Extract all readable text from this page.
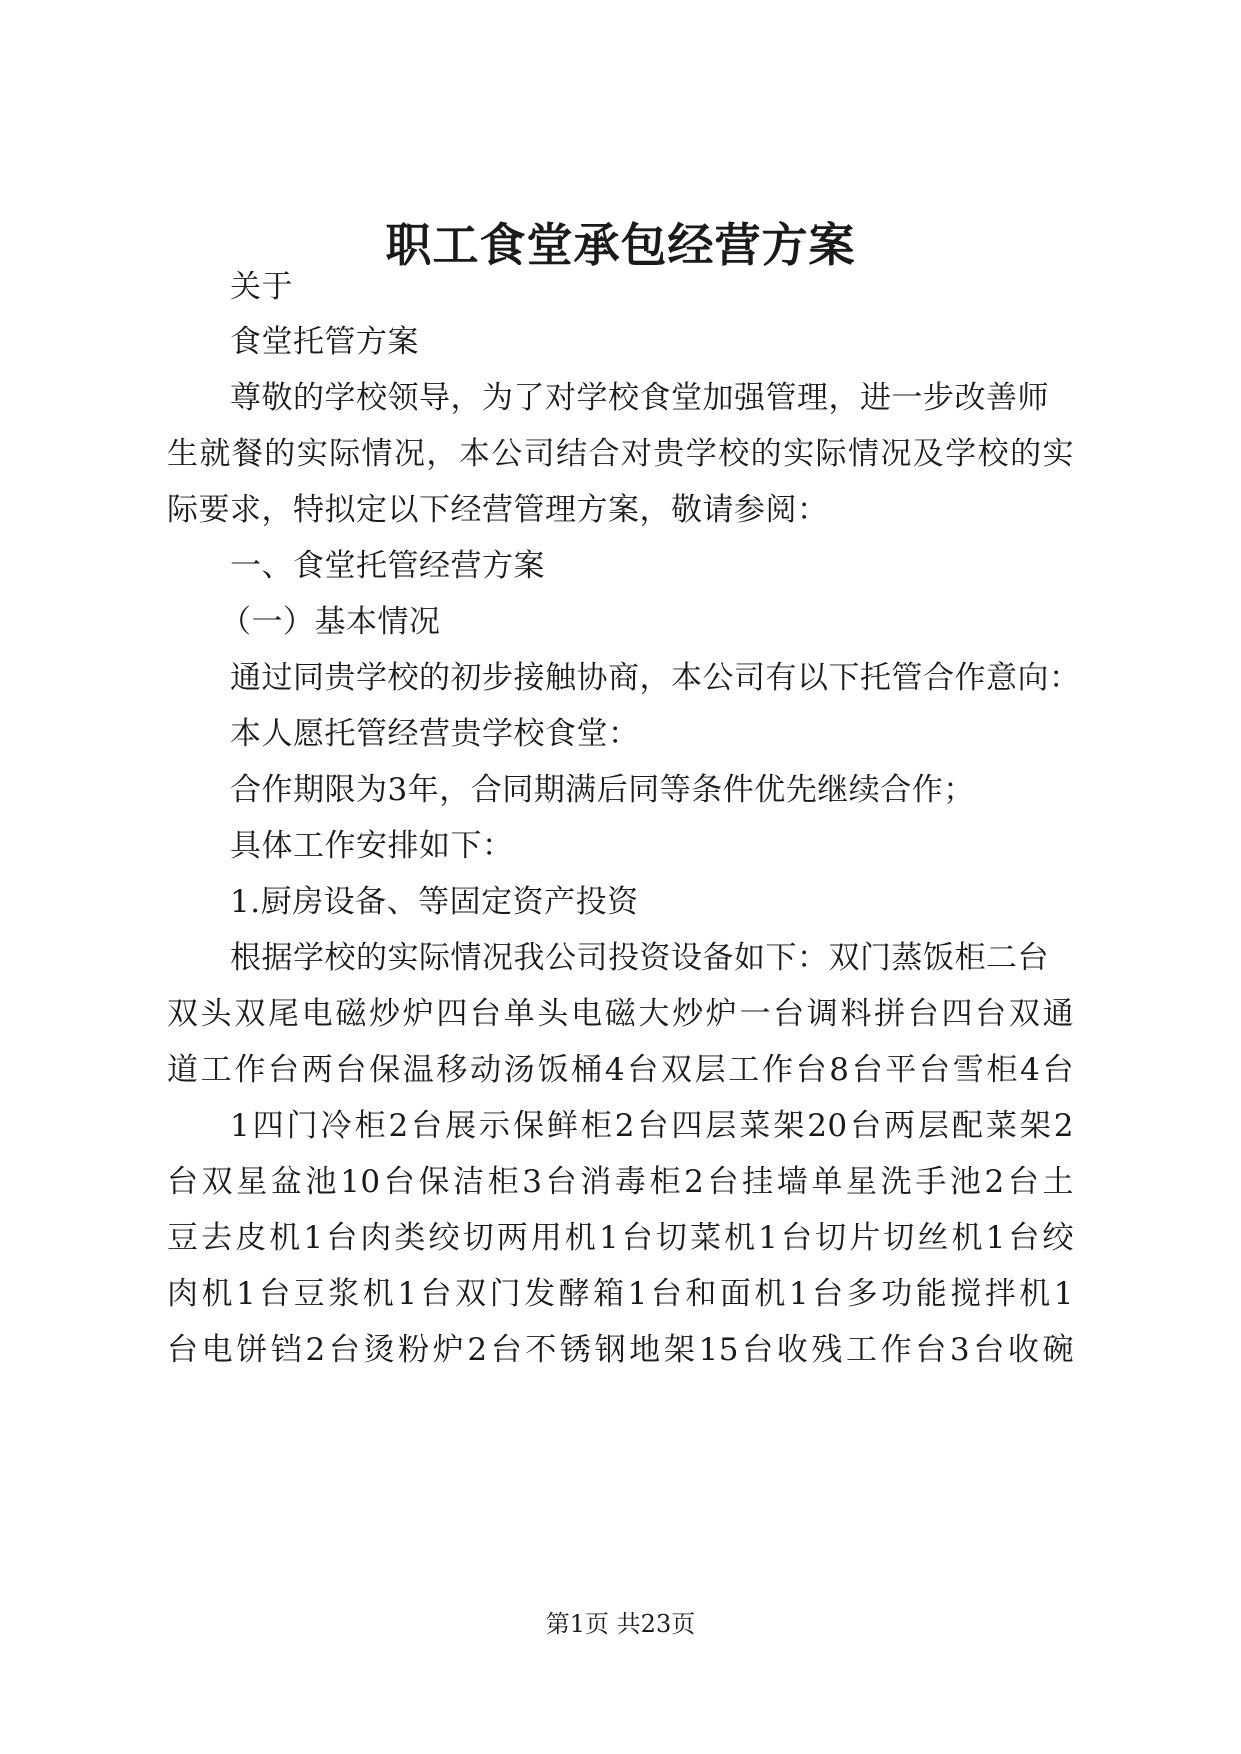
职工食堂承包经营方案
关于
食堂托管方案
尊敬的学校领导，为了对学校食堂加强管理，进一步改善师
生就餐的实际情况，本公司结合对贵学校的实际情况及学校的实
际要求，特拟定以下经营管理方案，敬请参阅：
一、食堂托管经营方案
（一）基本情况
通过同贵学校的初步接触协商，本公司有以下托管合作意向：
本人愿托管经营贵学校食堂：
合作期限为3年，合同期满后同等条件优先继续合作；
具体工作安排如下：
1.厨房设备、等固定资产投资
根据学校的实际情况我公司投资设备如下：双门蒸饭柜二台
双头双尾电磁炒炉四台单头电磁大炒炉一台调料拼台四台双通
道工作台两台保温移动汤饭桶4台双层工作台8台平台雪柜4台
1四门冷柜2台展示保鲜柜2台四层菜架20台两层配菜架2
台双星盆池10台保洁柜3台消毒柜2台挂墙单星洗手池2台土
豆去皮机1台肉类绞切两用机1台切菜机1台切片切丝机1台绞
肉机1台豆浆机1台双门发酵箱1台和面机1台多功能搅拌机1
台电饼铛2台烫粉炉2台不锈钢地架15台收残工作台3台收碗
第1页 共23页
